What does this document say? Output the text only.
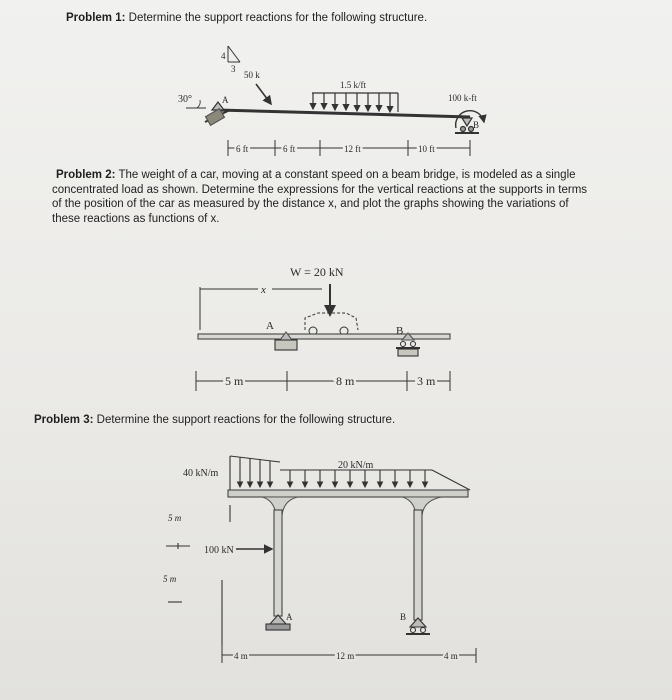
Problem 1: Determine the support reactions for the following structure.
Problem 2: The weight of a car, moving at a constant speed on a beam bridge, is modeled as a single
concentrated load as shown. Determine the expressions for the vertical reactions at the supports in terms
of the position of the car as measured by the distance x, and plot the graphs showing the variations of
these reactions as functions of x.
Problem 3: Determine the support reactions for the following structure.
30°	A
4
3
50 k
1.5 k/ft
100 k-ft
B
6 ft	6 ft	12 ft	10 ft
W = 20 kN
x
A	B
5 m	8 m	3 m
40 kN/m
20 kN/m
100 kN
5 m
5 m
A	B
4 m	12 m	4 m
